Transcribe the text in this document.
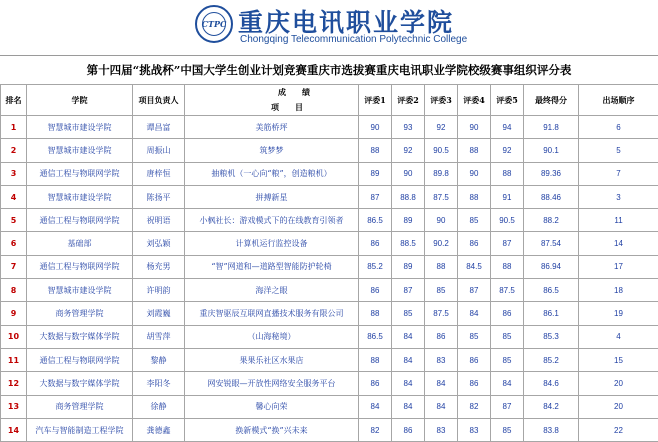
CTPC 重庆电讯职业学院
Chongqing Telecommunication Polytechnic College
第十四届“挑战杯”中国大学生创业计划竞赛重庆市选拔赛重庆电讯职业学院校级赛事组织评分表
排名	学院	项目负责人	成　　绩
项　　目	评委1	评委2	评委3	评委4	评委5	最终得分	出场顺序
1	智慧城市建设学院	谭昌富	美筋桥坪	90	93	92	90	94	91.8	6
2	智慧城市建设学院	周振山	筑梦梦	88	92	90.5	88	92	90.1	5
3	通信工程与物联网学院	唐梓恒	抽粮机（一心向“粮”，创造粮机）	89	90	89.8	90	88	89.36	7
4	智慧城市建设学院	陈扬平	拼搏新星	87	88.8	87.5	88	91	88.46	3
5	通信工程与物联网学院	祝明语	小枫社长：游戏模式下的在线教育引领者	86.5	89	90	85	90.5	88.2	11
6	基础部	刘弘颖	计算机运行监控设备	86	88.5	90.2	86	87	87.54	14
7	通信工程与物联网学院	杨充男	“智”网道和—道路型智能防护轮椅	85.2	89	88	84.5	88	86.94	17
8	智慧城市建设学院	许明韵	海洋之眼	86	87	85	87	87.5	86.5	18
9	商务管理学院	刘霞巍	重庆智驱辰互联网直播技术服务有限公司	88	85	87.5	84	86	86.1	19
10	大数据与数字媒体学院	胡雪萍	（山海秘境）	86.5	84	86	85	85	85.3	4
11	通信工程与物联网学院	黎静	果果乐社区水果店	88	84	83	86	85	85.2	15
12	大数据与数字媒体学院	李阳冬	网安锐眼—开放性网络安全服务平台	86	84	84	86	84	84.6	20
13	商务管理学院	徐静	馨心向荣	84	84	84	82	87	84.2	20
14	汽车与智能制造工程学院	龚德鑫	换新模式“换”兴未来	82	86	83	83	85	83.8	22
